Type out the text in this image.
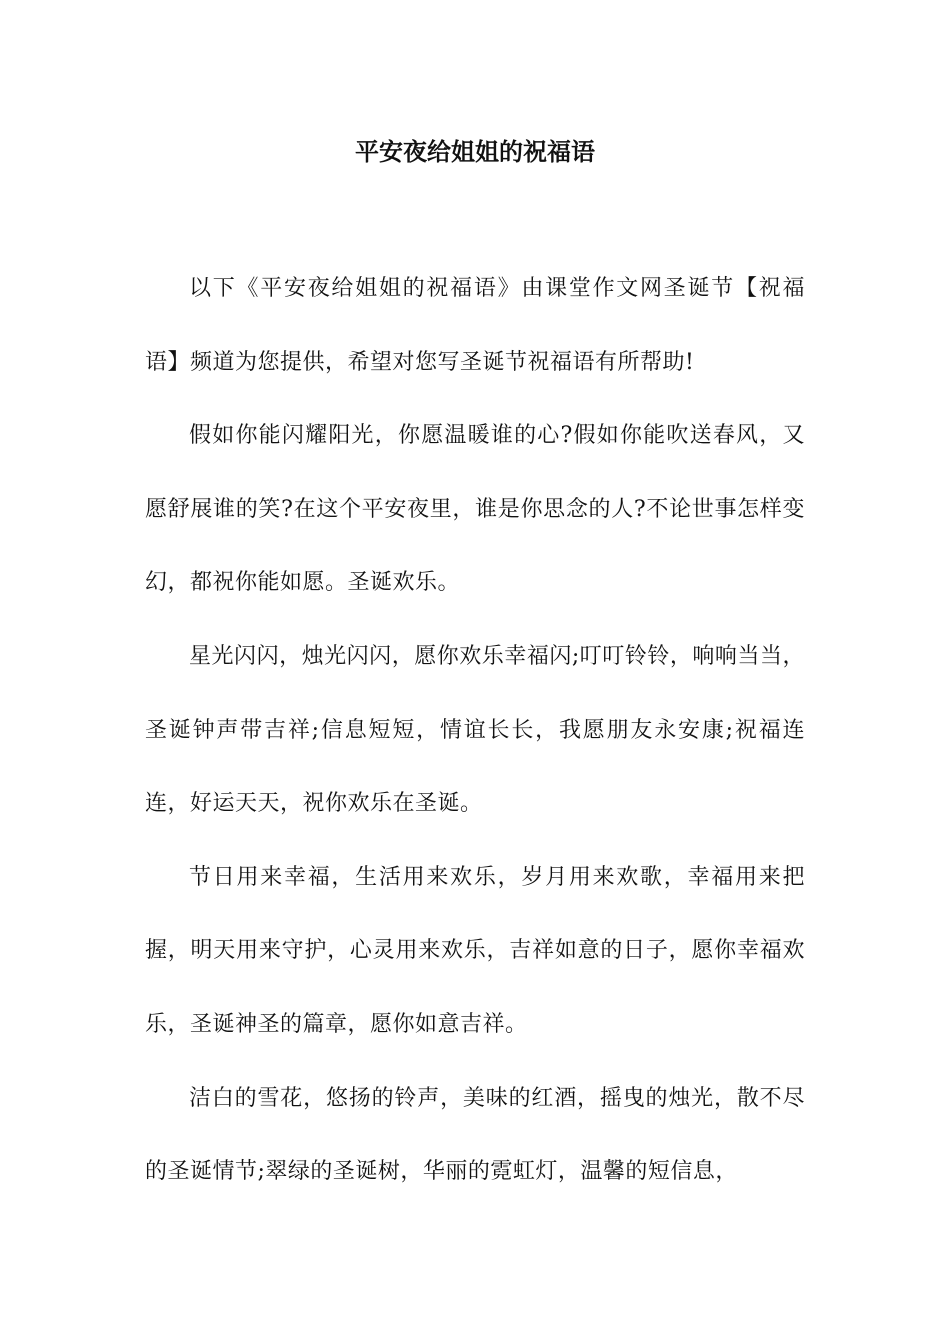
平安夜给姐姐的祝福语

以下《平安夜给姐姐的祝福语》由课堂作文网圣诞节【祝福语】频道为您提供，希望对您写圣诞节祝福语有所帮助!

假如你能闪耀阳光，你愿温暖谁的心?假如你能吹送春风，又愿舒展谁的笑?在这个平安夜里，谁是你思念的人?不论世事怎样变幻，都祝你能如愿。圣诞欢乐。

星光闪闪，烛光闪闪，愿你欢乐幸福闪;叮叮铃铃，响响当当，圣诞钟声带吉祥;信息短短，情谊长长，我愿朋友永安康;祝福连连，好运天天，祝你欢乐在圣诞。

节日用来幸福，生活用来欢乐，岁月用来欢歌，幸福用来把握，明天用来守护，心灵用来欢乐，吉祥如意的日子，愿你幸福欢乐，圣诞神圣的篇章，愿你如意吉祥。

洁白的雪花，悠扬的铃声，美味的红酒，摇曳的烛光，散不尽的圣诞情节;翠绿的圣诞树，华丽的霓虹灯，温馨的短信息，
